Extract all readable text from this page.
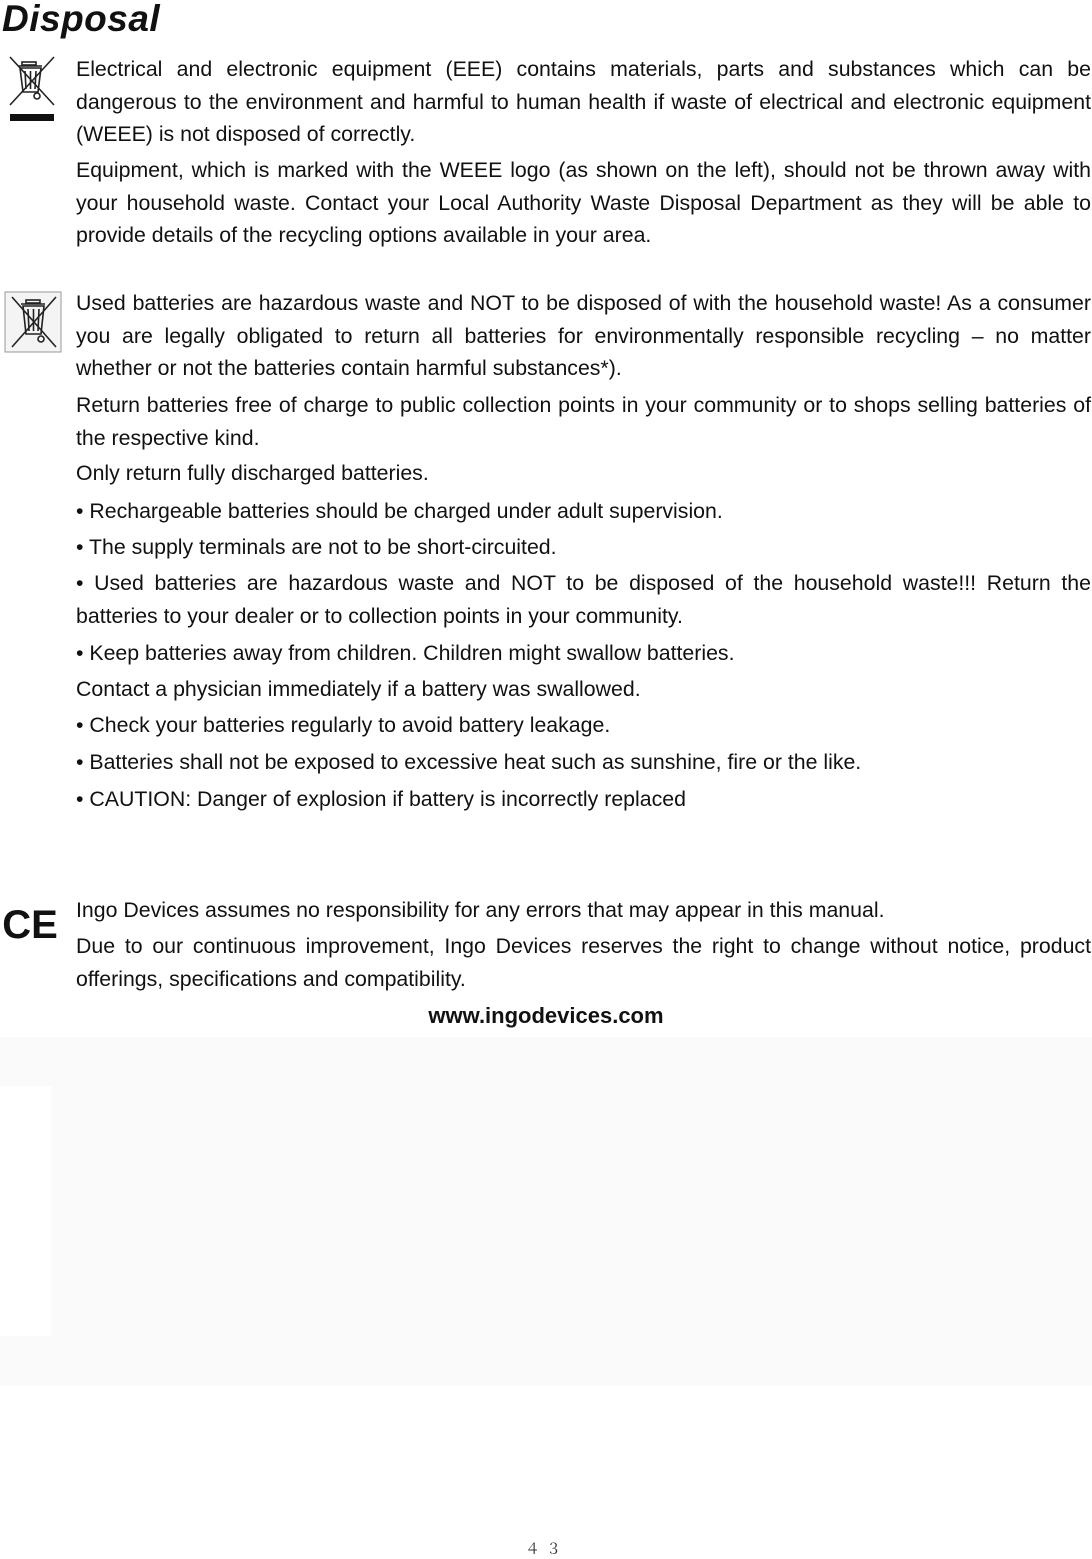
Disposal
CE

Electrical and electronic equipment (EEE) contains materials, parts and substances which can be dangerous to the environment and harmful to human health if waste of electrical and electronic equipment (WEEE) is not disposed of correctly.

Equipment, which is marked with the WEEE logo (as shown on the left), should not be thrown away with your household waste. Contact your Local Authority Waste Disposal Department as they will be able to provide details of the recycling options available in your area.

Used batteries are hazardous waste and NOT to be disposed of with the household waste! As a consumer you are legally obligated to return all batteries for environmentally responsible recycling – no matter whether or not the batteries contain harmful substances*).

Return batteries free of charge to public collection points in your community or to shops selling batteries of the respective kind.

Only return fully discharged batteries.

• Rechargeable batteries should be charged under adult supervision.

• The supply terminals are not to be short-circuited.

• Used batteries are hazardous waste and NOT to be disposed of the household waste!!! Return the batteries to your dealer or to collection points in your community.

• Keep batteries away from children. Children might swallow batteries.

Contact a physician immediately if a battery was swallowed.

• Check your batteries regularly to avoid battery leakage.

• Batteries shall not be exposed to excessive heat such as sunshine, fire or the like.

• CAUTION: Danger of explosion if battery is incorrectly replaced

Ingo Devices assumes no responsibility for any errors that may appear in this manual.

Due to our continuous improvement, Ingo Devices reserves the right to change without notice, product offerings, specifications and compatibility.

www.ingodevices.com
４３
